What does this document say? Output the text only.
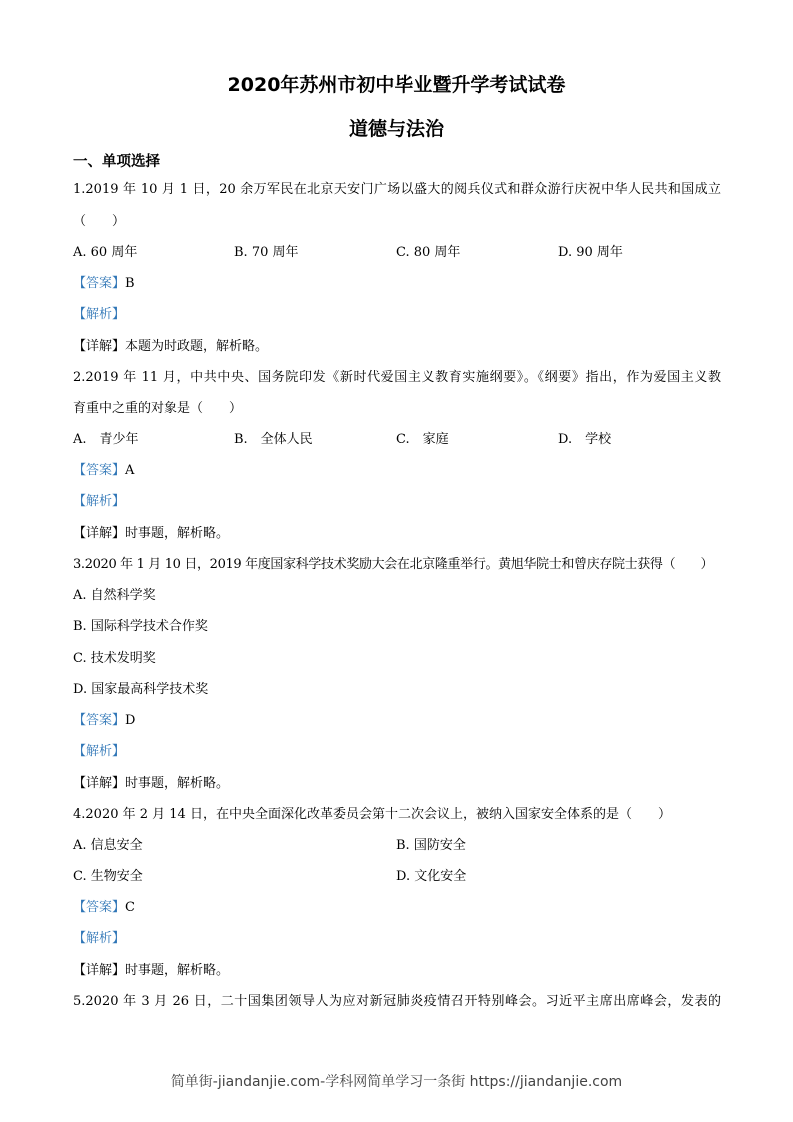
2020年苏州市初中毕业暨升学考试试卷
道德与法治
一、单项选择
1.2019 年 10 月 1 日，20 余万军民在北京天安门广场以盛大的阅兵仪式和群众游行庆祝中华人民共和国成立
（　　）
A. 60 周年	B. 70 周年	C. 80 周年	D. 90 周年
【答案】B
【解析】
【详解】本题为时政题，解析略。
2.2019 年 11 月，中共中央、国务院印发《新时代爱国主义教育实施纲要》。《纲要》指出，作为爱国主义教
育重中之重的对象是（　　）
A.　青少年	B.　全体人民	C.　家庭	D.　学校
【答案】A
【解析】
【详解】时事题，解析略。
3.2020 年 1 月 10 日，2019 年度国家科学技术奖励大会在北京隆重举行。黄旭华院士和曾庆存院士获得（　　）
A. 自然科学奖
B. 国际科学技术合作奖
C. 技术发明奖
D. 国家最高科学技术奖
【答案】D
【解析】
【详解】时事题，解析略。
4.2020 年 2 月 14 日，在中央全面深化改革委员会第十二次会议上，被纳入国家安全体系的是（　　）
A. 信息安全	B. 国防安全
C. 生物安全	D. 文化安全
【答案】C
【解析】
【详解】时事题，解析略。
5.2020 年 3 月 26 日，二十国集团领导人为应对新冠肺炎疫情召开特别峰会。习近平主席出席峰会，发表的
简单街-jiandanjie.com-学科网简单学习一条街 https://jiandanjie.com
